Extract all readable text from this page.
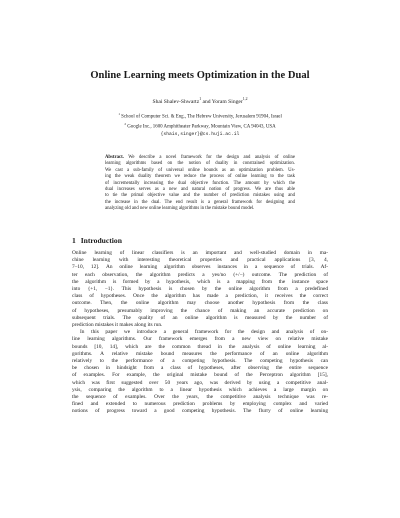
Online Learning meets Optimization in the Dual
Shai Shalev-Shwartz$^1$ and Yoram Singer$^{1,2}$
$^1$ School of Computer Sci. & Eng., The Hebrew University, Jerusalem 91904, Israel
$^2$ Google Inc., 1600 Amphitheater Parkway, Mountain View, CA 94043, USA
{shais,singer}@cs.huji.ac.il
Abstract. We describe a novel framework for the design and analysis of online
learning algorithms based on the notion of duality in constrained optimization.
We cast a sub-family of universal online bounds as an optimization problem. Us-
ing the weak duality theorem we reduce the process of online learning to the task
of incrementally increasing the dual objective function. The amount by which the
dual increases serves as a new and natural notion of progress. We are thus able
to tie the primal objective value and the number of prediction mistakes using and
the increase in the dual. The end result is a general framework for designing and
analyzing old and new online learning algorithms in the mistake bound model.
1 Introduction
Online learning of linear classifiers is an important and well-studied domain in ma-
chine learning with interesting theoretical properties and practical applications [3, 4,
7–10, 12]. An online learning algorithm observes instances in a sequence of trials. Af-
ter each observation, the algorithm predicts a yes/no (+/−) outcome. The prediction of
the algorithm is formed by a hypothesis, which is a mapping from the instance space
into {+1, −1}. This hypothesis is chosen by the online algorithm from a predefined
class of hypotheses. Once the algorithm has made a prediction, it receives the correct
outcome. Then, the online algorithm may choose another hypothesis from the class
of hypotheses, presumably improving the chance of making an accurate prediction on
subsequent trials. The quality of an online algorithm is measured by the number of
prediction mistakes it makes along its run.
In this paper we introduce a general framework for the design and analysis of on-
line learning algorithms. Our framework emerges from a new view on relative mistake
bounds [10, 14], which are the common thread in the analysis of online learning al-
gorithms. A relative mistake bound measures the performance of an online algorithm
relatively to the performance of a competing hypothesis. The competing hypothesis can
be chosen in hindsight from a class of hypotheses, after observing the entire sequence
of examples. For example, the original mistake bound of the Perceptron algorithm [15],
which was first suggested over 50 years ago, was derived by using a competitive anal-
ysis, comparing the algorithm to a linear hypothesis which achieves a large margin on
the sequence of examples. Over the years, the competitive analysis technique was re-
fined and extended to numerous prediction problems by employing complex and varied
notions of progress toward a good competing hypothesis. The flurry of online learning
